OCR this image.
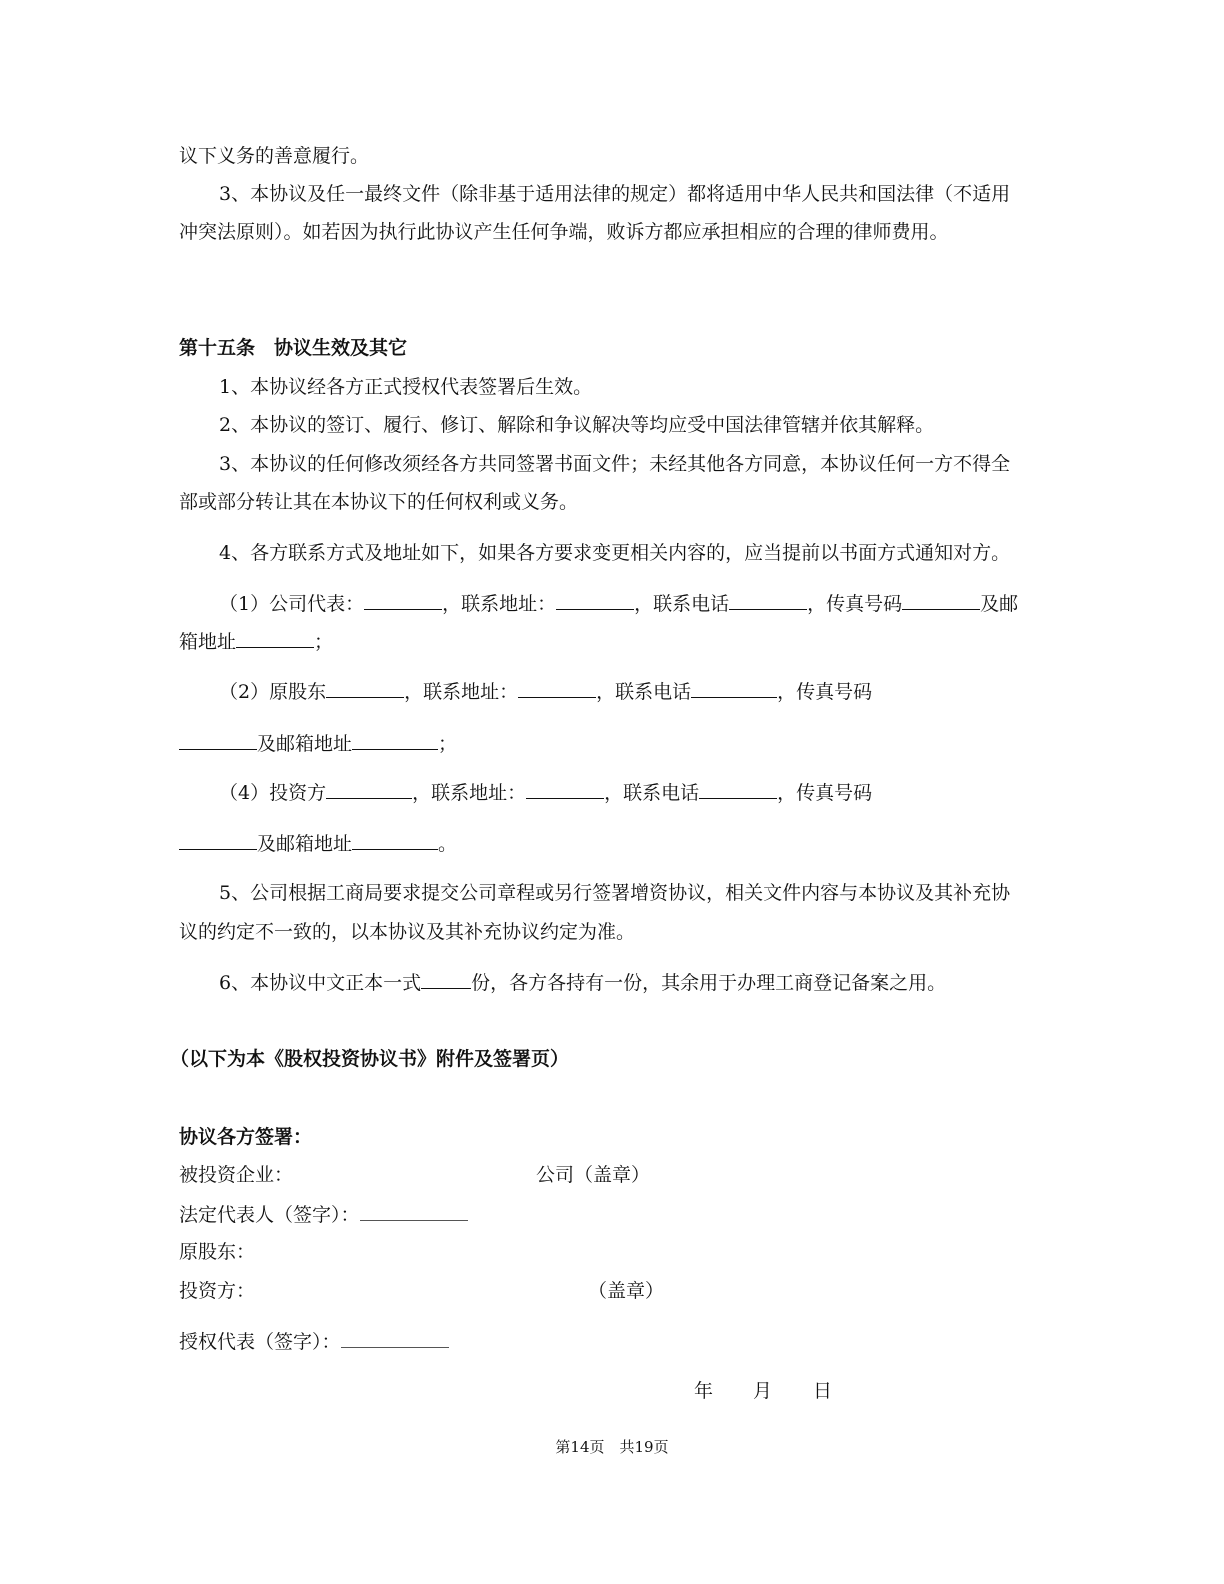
议下义务的善意履行。
3、本协议及任一最终文件（除非基于适用法律的规定）都将适用中华人民共和国法律（不适用
冲突法原则）。如若因为执行此协议产生任何争端，败诉方都应承担相应的合理的律师费用。
第十五条　协议生效及其它
1、本协议经各方正式授权代表签署后生效。
2、本协议的签订、履行、修订、解除和争议解决等均应受中国法律管辖并依其解释。
3、本协议的任何修改须经各方共同签署书面文件；未经其他各方同意，本协议任何一方不得全
部或部分转让其在本协议下的任何权利或义务。
4、各方联系方式及地址如下，如果各方要求变更相关内容的，应当提前以书面方式通知对方。
（1）公司代表：	，联系地址：	，联系电话	，传真号码	及邮
箱地址	；
（2）原股东	，联系地址：	，联系电话	，传真号码
及邮箱地址	；
（4）投资方	，联系地址：	，联系电话	，传真号码
及邮箱地址	。
5、公司根据工商局要求提交公司章程或另行签署增资协议，相关文件内容与本协议及其补充协
议的约定不一致的，以本协议及其补充协议约定为准。
6、本协议中文正本一式	份，各方各持有一份，其余用于办理工商登记备案之用。
（以下为本《股权投资协议书》附件及签署页）
协议各方签署：
被投资企业：	公司（盖章）
法定代表人（签字）：
原股东：
投资方：	（盖章）
授权代表（签字）：
年 月 日
第14页　共19页
